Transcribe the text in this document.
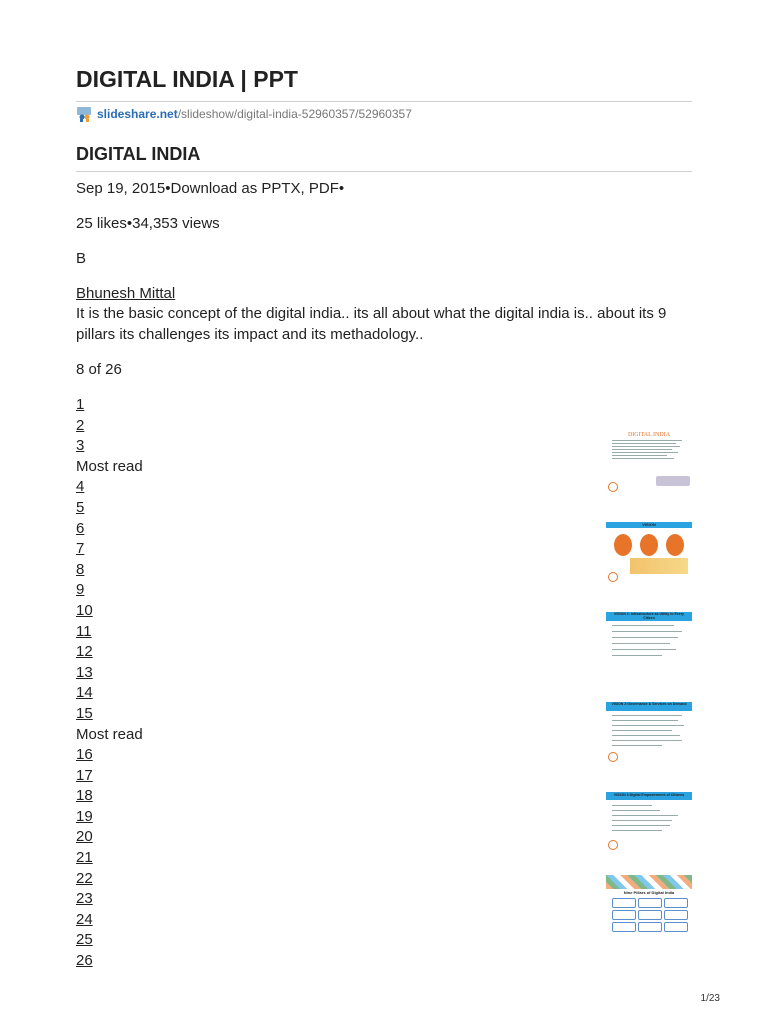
DIGITAL INDIA | PPT
slideshare.net /slideshow/digital-india-52960357/52960357
DIGITAL INDIA
Sep 19, 2015•Download as PPTX, PDF•
25 likes•34,353 views
B
Bhunesh Mittal
It is the basic concept of the digital india.. its all about what the digital india is.. about its 9 pillars its challenges its impact and its methadology..
8 of 26
1
2
3
Most read
4
5
6
7
8
9
10
11
12
13
14
15
Most read
16
17
18
19
20
21
22
23
24
25
26
DIGITAL INDIA
VISION
VISION 1: Infrastructure as Utility to Every Citizen
VISION 2:Governance & Services on Demand
VISION 3:Digital Empowerment of Citizens
Nine Pillars of Digital India
1/23
